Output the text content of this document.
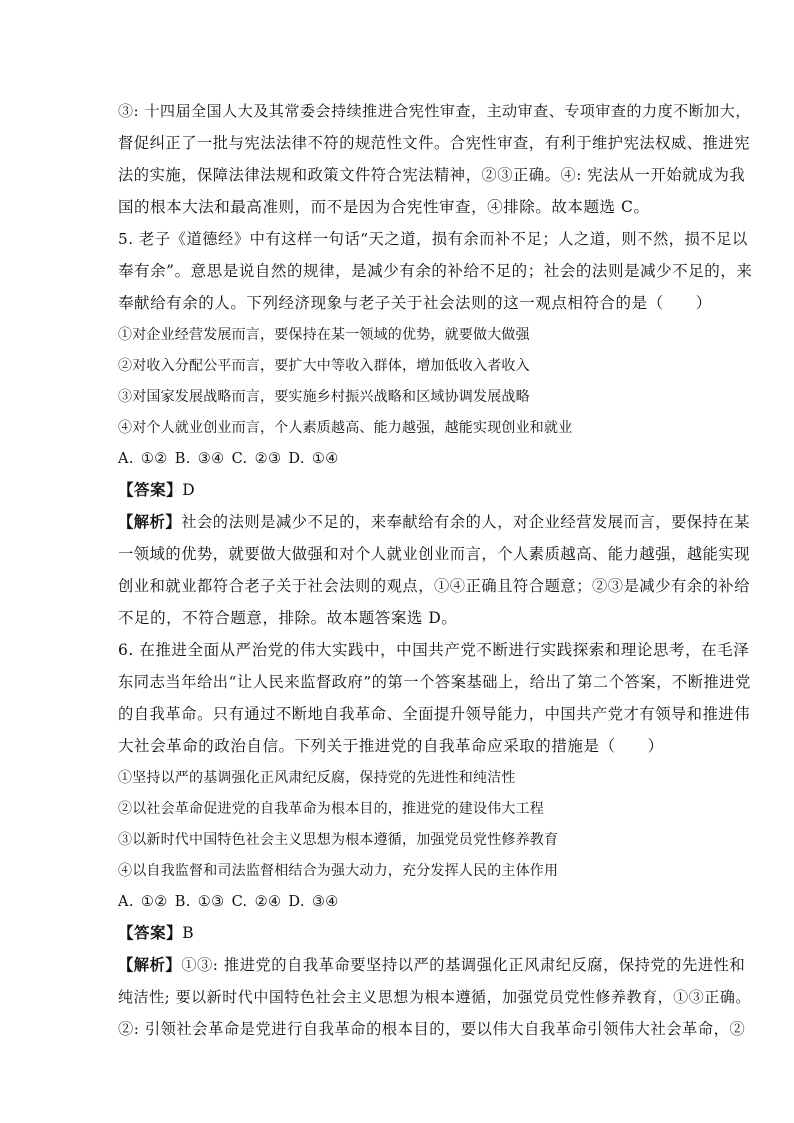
③: 十四届全国人大及其常委会持续推进合宪性审查，主动审查、专项审查的力度不断加大，
督促纠正了一批与宪法法律不符的规范性文件。合宪性审查，有利于维护宪法权威、推进宪
法的实施，保障法律法规和政策文件符合宪法精神，②③正确。④: 宪法从一开始就成为我
国的根本大法和最高准则，而不是因为合宪性审查，④排除。故本题选 C。
5. 老子《道德经》中有这样一句话“天之道，损有余而补不足；人之道，则不然，损不足以
奉有余”。意思是说自然的规律，是减少有余的补给不足的；社会的法则是减少不足的，来
奉献给有余的人。下列经济现象与老子关于社会法则的这一观点相符合的是（　　）
①对企业经营发展而言，要保持在某一领域的优势，就要做大做强
②对收入分配公平而言，要扩大中等收入群体，增加低收入者收入
③对国家发展战略而言，要实施乡村振兴战略和区域协调发展战略
④对个人就业创业而言，个人素质越高、能力越强，越能实现创业和就业
A. ①② B. ③④ C. ②③ D. ①④
【答案】D
【解析】社会的法则是减少不足的，来奉献给有余的人，对企业经营发展而言，要保持在某
一领域的优势，就要做大做强和对个人就业创业而言，个人素质越高、能力越强，越能实现
创业和就业都符合老子关于社会法则的观点，①④正确且符合题意；②③是减少有余的补给
不足的，不符合题意，排除。故本题答案选 D。
6. 在推进全面从严治党的伟大实践中，中国共产党不断进行实践探索和理论思考，在毛泽
东同志当年给出“让人民来监督政府”的第一个答案基础上，给出了第二个答案，不断推进党
的自我革命。只有通过不断地自我革命、全面提升领导能力，中国共产党才有领导和推进伟
大社会革命的政治自信。下列关于推进党的自我革命应采取的措施是（　　）
①坚持以严的基调强化正风肃纪反腐，保持党的先进性和纯洁性
②以社会革命促进党的自我革命为根本目的，推进党的建设伟大工程
③以新时代中国特色社会主义思想为根本遵循，加强党员党性修养教育
④以自我监督和司法监督相结合为强大动力，充分发挥人民的主体作用
A. ①② B. ①③ C. ②④ D. ③④
【答案】B
【解析】①③: 推进党的自我革命要坚持以严的基调强化正风肃纪反腐，保持党的先进性和
纯洁性; 要以新时代中国特色社会主义思想为根本遵循，加强党员党性修养教育，①③正确。
②: 引领社会革命是党进行自我革命的根本目的，要以伟大自我革命引领伟大社会革命，②
